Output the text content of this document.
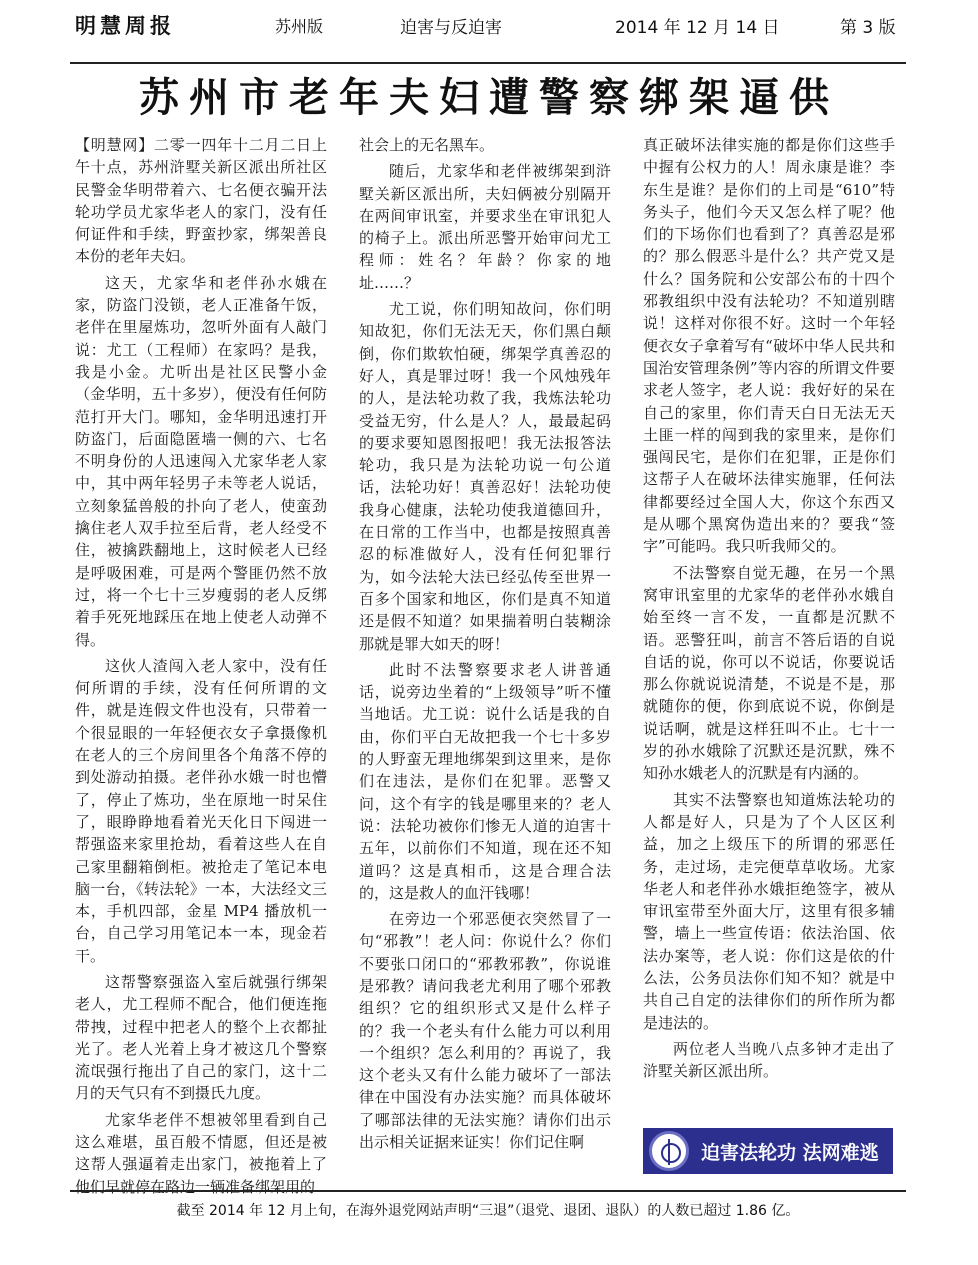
明慧周报	苏州版	迫害与反迫害	2014 年 12 月 14 日	第 3 版
苏州市老年夫妇遭警察绑架逼供

【明慧网】二零一四年十二月二日上午十点，苏州浒墅关新区派出所社区民警金华明带着六、七名便衣骗开法轮功学员尤家华老人的家门，没有任何证件和手续，野蛮抄家，绑架善良本份的老年夫妇。

这天，尤家华和老伴孙水娥在家，防盗门没锁，老人正准备午饭，老伴在里屋炼功，忽听外面有人敲门说：尤工（工程师）在家吗？是我，我是小金。尤听出是社区民警小金（金华明，五十多岁），便没有任何防范打开大门。哪知，金华明迅速打开防盗门，后面隐匿墙一侧的六、七名不明身份的人迅速闯入尤家华老人家中，其中两年轻男子未等老人说话，立刻象猛兽般的扑向了老人，使蛮劲擒住老人双手拉至后背，老人经受不住，被擒跌翻地上，这时候老人已经是呼吸困难，可是两个警匪仍然不放过，将一个七十三岁瘦弱的老人反绑着手死死地踩压在地上使老人动弹不得。

这伙人渣闯入老人家中，没有任何所谓的手续，没有任何所谓的文件，就是连假文件也没有，只带着一个很显眼的一年轻便衣女子拿摄像机在老人的三个房间里各个角落不停的到处游动拍摄。老伴孙水娥一时也懵了，停止了炼功，坐在原地一时呆住了，眼睁睁地看着光天化日下闯进一帮强盗来家里抢劫，看着这些人在自己家里翻箱倒柜。被抢走了笔记本电脑一台，《转法轮》一本，大法经文三本，手机四部，金星 MP4 播放机一台，自己学习用笔记本一本，现金若干。

这帮警察强盗入室后就强行绑架老人，尤工程师不配合，他们便连拖带拽，过程中把老人的整个上衣都扯光了。老人光着上身才被这几个警察流氓强行拖出了自己的家门，这十二月的天气只有不到摄氏九度。

尤家华老伴不想被邻里看到自己这么难堪，虽百般不情愿，但还是被这帮人强逼着走出家门，被拖着上了他们早就停在路边一辆准备绑架用的

社会上的无名黑车。

随后，尤家华和老伴被绑架到浒墅关新区派出所，夫妇俩被分别隔开在两间审讯室，并要求坐在审讯犯人的椅子上。派出所恶警开始审问尤工程师：姓名？年龄？你家的地址……？

尤工说，你们明知故问，你们明知故犯，你们无法无天，你们黑白颠倒，你们欺软怕硬，绑架学真善忍的好人，真是罪过呀！我一个风烛残年的人，是法轮功救了我，我炼法轮功受益无穷，什么是人？人，最最起码的要求要知恩图报吧！我无法报答法轮功，我只是为法轮功说一句公道话，法轮功好！真善忍好！法轮功使我身心健康，法轮功使我道德回升，在日常的工作当中，也都是按照真善忍的标准做好人，没有任何犯罪行为，如今法轮大法已经弘传至世界一百多个国家和地区，你们是真不知道还是假不知道？如果揣着明白装糊涂那就是罪大如天的呀！

此时不法警察要求老人讲普通话，说旁边坐着的“上级领导”听不懂当地话。尤工说：说什么话是我的自由，你们平白无故把我一个七十多岁的人野蛮无理地绑架到这里来，是你们在违法，是你们在犯罪。恶警又问，这个有字的钱是哪里来的？老人说：法轮功被你们惨无人道的迫害十五年，以前你们不知道，现在还不知道吗？这是真相币，这是合理合法的，这是救人的血汗钱哪！

在旁边一个邪恶便衣突然冒了一句“邪教”！老人问：你说什么？你们不要张口闭口的“邪教邪教”，你说谁是邪教？请问我老尤利用了哪个邪教组织？它的组织形式又是什么样子的？我一个老头有什么能力可以利用一个组织？怎么利用的？再说了，我这个老头又有什么能力破坏了一部法律在中国没有办法实施？而具体破坏了哪部法律的无法实施？请你们出示出示相关证据来证实！你们记住啊

真正破坏法律实施的都是你们这些手中握有公权力的人！周永康是谁？李东生是谁？是你们的上司是“610”特务头子，他们今天又怎么样了呢？他们的下场你们也看到了？真善忍是邪的？那么假恶斗是什么？共产党又是什么？国务院和公安部公布的十四个邪教组织中没有法轮功？不知道别瞎说！这样对你很不好。这时一个年轻便衣女子拿着写有“破坏中华人民共和国治安管理条例”等内容的所谓文件要求老人签字，老人说：我好好的呆在自己的家里，你们青天白日无法无天土匪一样的闯到我的家里来，是你们强闯民宅，是你们在犯罪，正是你们这帮子人在破坏法律实施罪，任何法律都要经过全国人大，你这个东西又是从哪个黑窝伪造出来的？要我“签字”可能吗。我只听我师父的。

不法警察自觉无趣，在另一个黑窝审讯室里的尤家华的老伴孙水娥自始至终一言不发，一直都是沉默不语。恶警狂叫，前言不答后语的自说自话的说，你可以不说话，你要说话那么你就说说清楚，不说是不是，那就随你的便，你到底说不说，你倒是说话啊，就是这样狂叫不止。七十一岁的孙水娥除了沉默还是沉默，殊不知孙水娥老人的沉默是有内涵的。

其实不法警察也知道炼法轮功的人都是好人，只是为了个人区区利益，加之上级压下的所谓的邪恶任务，走过场，走完便草草收场。尤家华老人和老伴孙水娥拒绝签字，被从审讯室带至外面大厅，这里有很多辅警，墙上一些宣传语：依法治国、依法办案等，老人说：你们这是依的什么法，公务员法你们知不知？就是中共自己自定的法律你们的所作所为都是违法的。

两位老人当晚八点多钟才走出了浒墅关新区派出所。

迫害法轮功 法网难逃
截至 2014 年 12 月上旬，在海外退党网站声明“三退”（退党、退团、退队）的人数已超过 1.86 亿。
